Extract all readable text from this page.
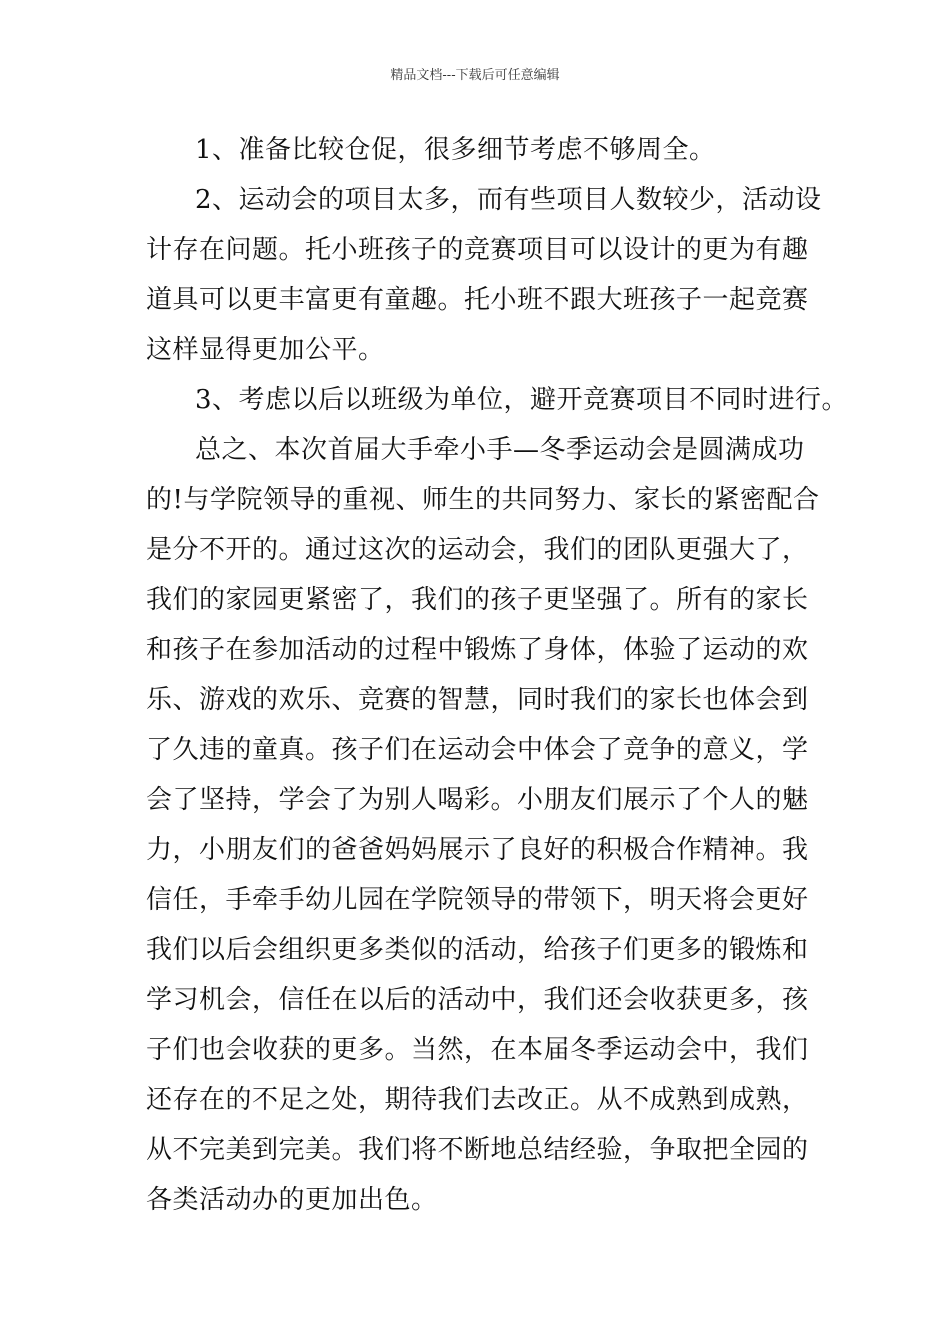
精品文档---下载后可任意编辑
1、准备比较仓促，很多细节考虑不够周全。
2、运动会的项目太多，而有些项目人数较少，活动设
计存在问题。托小班孩子的竞赛项目可以设计的更为有趣
道具可以更丰富更有童趣。托小班不跟大班孩子一起竞赛
这样显得更加公平。
3、考虑以后以班级为单位，避开竞赛项目不同时进行。
总之、本次首届大手牵小手—冬季运动会是圆满成功
的!与学院领导的重视、师生的共同努力、家长的紧密配合
是分不开的。通过这次的运动会，我们的团队更强大了，
我们的家园更紧密了，我们的孩子更坚强了。所有的家长
和孩子在参加活动的过程中锻炼了身体，体验了运动的欢
乐、游戏的欢乐、竞赛的智慧，同时我们的家长也体会到
了久违的童真。孩子们在运动会中体会了竞争的意义，学
会了坚持，学会了为别人喝彩。小朋友们展示了个人的魅
力，小朋友们的爸爸妈妈展示了良好的积极合作精神。我
信任，手牵手幼儿园在学院领导的带领下，明天将会更好
我们以后会组织更多类似的活动，给孩子们更多的锻炼和
学习机会，信任在以后的活动中，我们还会收获更多，孩
子们也会收获的更多。当然，在本届冬季运动会中，我们
还存在的不足之处，期待我们去改正。从不成熟到成熟，
从不完美到完美。我们将不断地总结经验，争取把全园的
各类活动办的更加出色。
